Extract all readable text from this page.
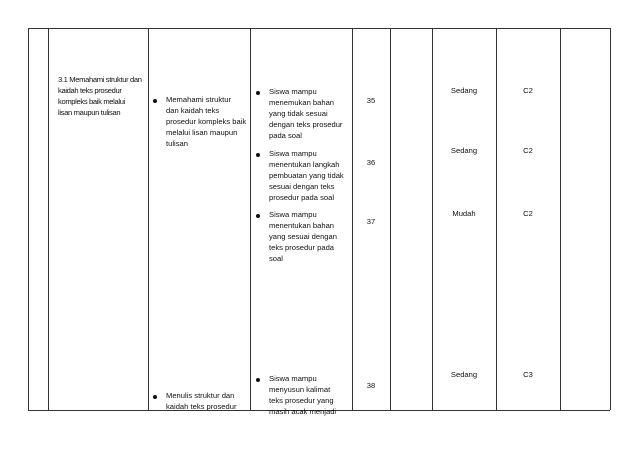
3.1 Memahami struktur dan
kaidah teks prosedur
kompleks baik melalui
lisan maupun tulisan
Memahami struktur
dan kaidah teks
prosedur kompleks baik
melalui lisan maupun
tulisan
Menulis struktur dan
kaidah teks prosedur
Siswa mampu
menemukan bahan
yang tidak sesuai
dengan teks prosedur
pada soal
Siswa mampu
menentukan langkah
pembuatan yang tidak
sesuai dengan teks
prosedur pada soal
Siswa mampu
menentukan bahan
yang sesuai dengan
teks prosedur pada
soal
Siswa mampu
menyusun kalimat
teks prosedur yang
masih acak menjadi
35
36
37
38
Sedang
Sedang
Mudah
Sedang
C2
C2
C2
C3
